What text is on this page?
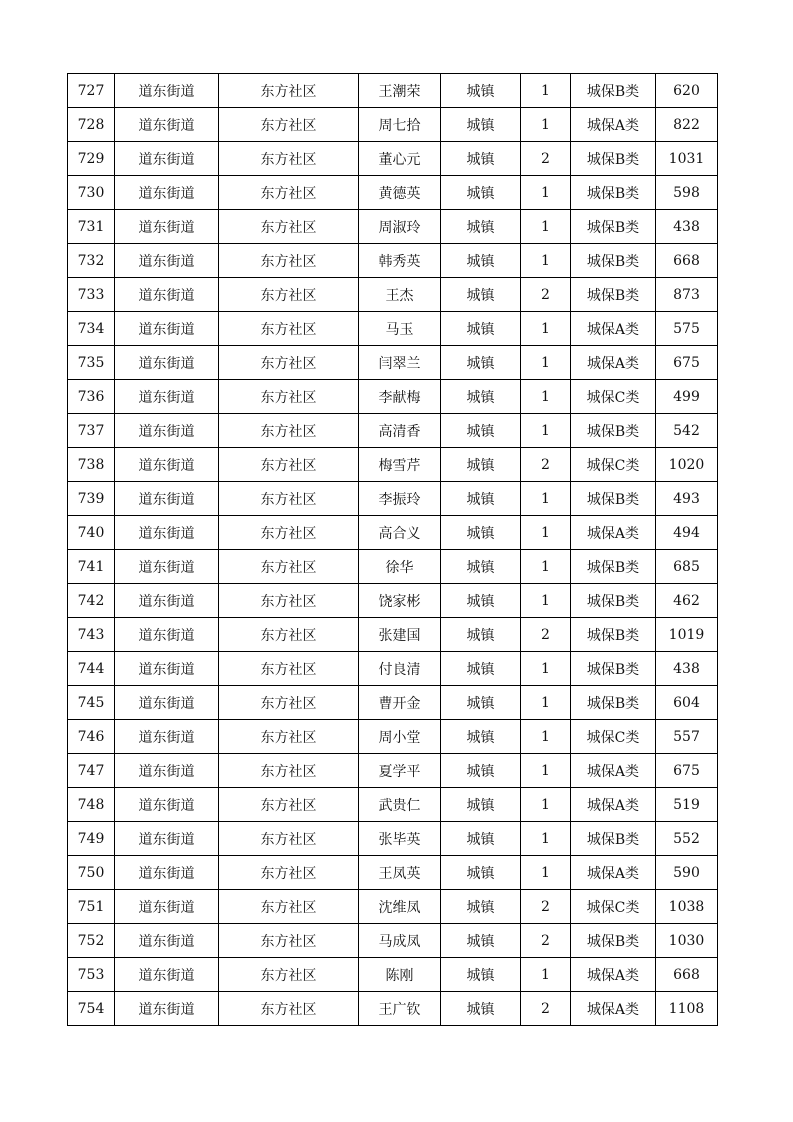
727	道东街道	东方社区	王潮荣	城镇	1	城保B类	620
728	道东街道	东方社区	周七拾	城镇	1	城保A类	822
729	道东街道	东方社区	董心元	城镇	2	城保B类	1031
730	道东街道	东方社区	黄德英	城镇	1	城保B类	598
731	道东街道	东方社区	周淑玲	城镇	1	城保B类	438
732	道东街道	东方社区	韩秀英	城镇	1	城保B类	668
733	道东街道	东方社区	王杰	城镇	2	城保B类	873
734	道东街道	东方社区	马玉	城镇	1	城保A类	575
735	道东街道	东方社区	闫翠兰	城镇	1	城保A类	675
736	道东街道	东方社区	李献梅	城镇	1	城保C类	499
737	道东街道	东方社区	高清香	城镇	1	城保B类	542
738	道东街道	东方社区	梅雪芹	城镇	2	城保C类	1020
739	道东街道	东方社区	李振玲	城镇	1	城保B类	493
740	道东街道	东方社区	高合义	城镇	1	城保A类	494
741	道东街道	东方社区	徐华	城镇	1	城保B类	685
742	道东街道	东方社区	饶家彬	城镇	1	城保B类	462
743	道东街道	东方社区	张建国	城镇	2	城保B类	1019
744	道东街道	东方社区	付良清	城镇	1	城保B类	438
745	道东街道	东方社区	曹开金	城镇	1	城保B类	604
746	道东街道	东方社区	周小堂	城镇	1	城保C类	557
747	道东街道	东方社区	夏学平	城镇	1	城保A类	675
748	道东街道	东方社区	武贵仁	城镇	1	城保A类	519
749	道东街道	东方社区	张毕英	城镇	1	城保B类	552
750	道东街道	东方社区	王凤英	城镇	1	城保A类	590
751	道东街道	东方社区	沈维凤	城镇	2	城保C类	1038
752	道东街道	东方社区	马成凤	城镇	2	城保B类	1030
753	道东街道	东方社区	陈刚	城镇	1	城保A类	668
754	道东街道	东方社区	王广钦	城镇	2	城保A类	1108
